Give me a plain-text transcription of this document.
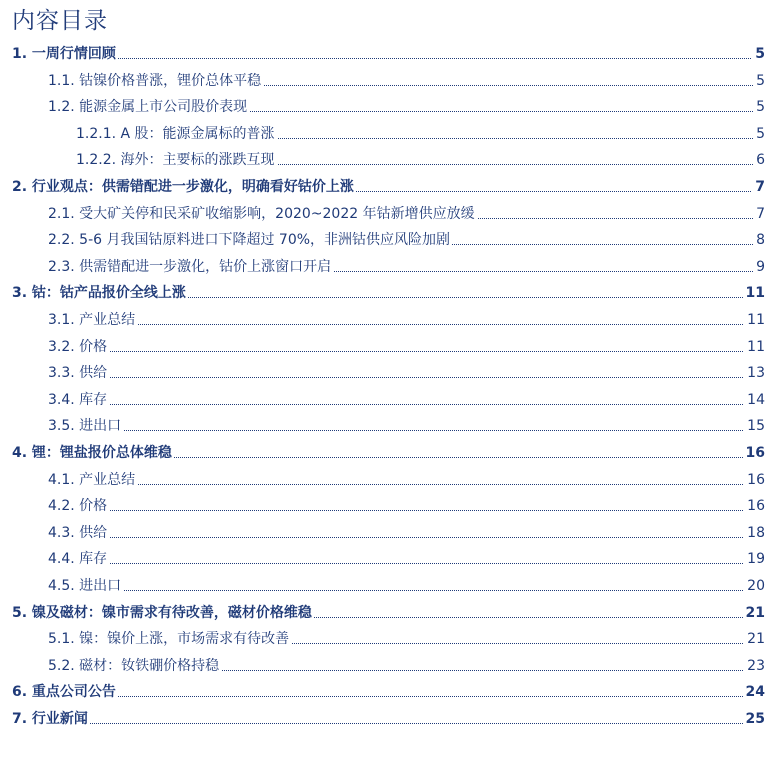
内容目录
1. 一周行情回顾	5
1.1. 钴镍价格普涨，锂价总体平稳	5
1.2. 能源金属上市公司股价表现	5
1.2.1. A 股：能源金属标的普涨	5
1.2.2. 海外：主要标的涨跌互现	6
2. 行业观点：供需错配进一步激化，明确看好钴价上涨	7
2.1. 受大矿关停和民采矿收缩影响，2020~2022 年钴新增供应放缓	7
2.2. 5-6 月我国钴原料进口下降超过 70%，非洲钴供应风险加剧	8
2.3. 供需错配进一步激化，钴价上涨窗口开启	9
3. 钴：钴产品报价全线上涨	11
3.1. 产业总结	11
3.2. 价格	11
3.3. 供给	13
3.4. 库存	14
3.5. 进出口	15
4. 锂：锂盐报价总体维稳	16
4.1. 产业总结	16
4.2. 价格	16
4.3. 供给	18
4.4. 库存	19
4.5. 进出口	20
5. 镍及磁材：镍市需求有待改善，磁材价格维稳	21
5.1. 镍：镍价上涨，市场需求有待改善	21
5.2. 磁材：钕铁硼价格持稳	23
6. 重点公司公告	24
7. 行业新闻	25
